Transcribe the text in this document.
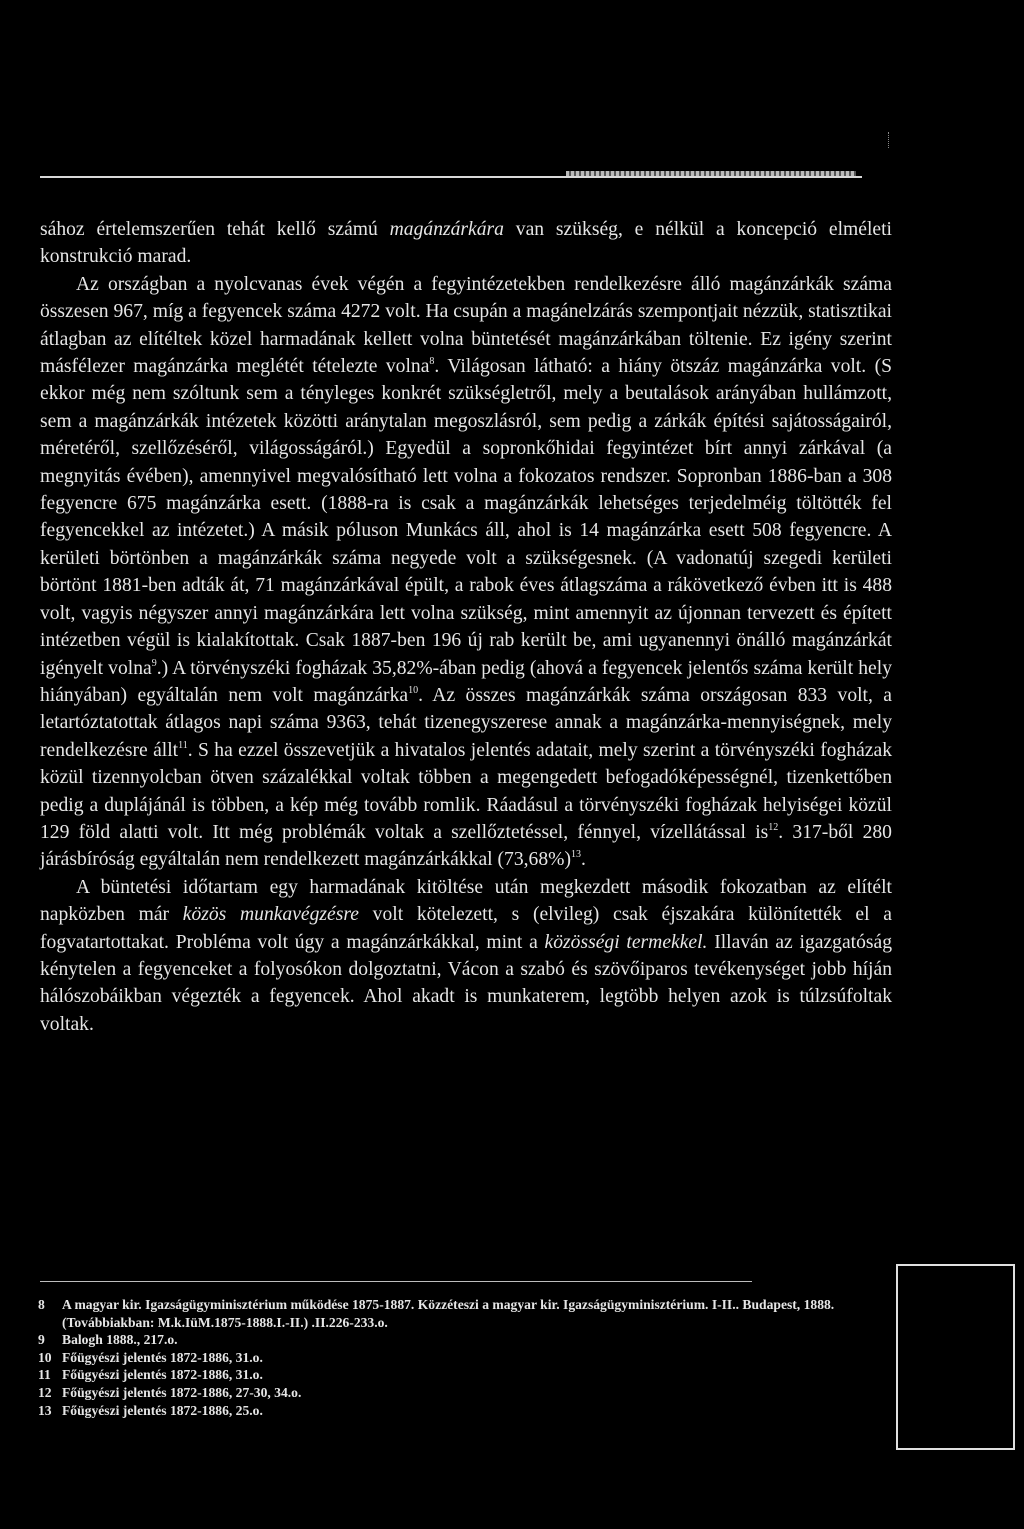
sához értelemszerűen tehát kellő számú magánzárkára van szükség, e nélkül a koncepció elméleti konstrukció marad.

Az országban a nyolcvanas évek végén a fegyintézetekben rendelkezésre álló magánzárkák száma összesen 967, míg a fegyencek száma 4272 volt. Ha csupán a magánelzárás szempontjait nézzük, statisztikai átlagban az elítéltek közel harmadának kellett volna büntetését magánzárkában töltenie. Ez igény szerint másfélezer magánzárka meglétét tételezte volna$^8$. Világosan látható: a hiány ötszáz magánzárka volt. (S ekkor még nem szóltunk sem a tényleges konkrét szükségletről, mely a beutalások arányában hullámzott, sem a magánzárkák intézetek közötti aránytalan megoszlásról, sem pedig a zárkák építési sajátosságairól, méretéről, szellőzéséről, világosságáról.) Egyedül a sopronkőhidai fegyintézet bírt annyi zárkával (a megnyitás évében), amennyivel megvalósítható lett volna a fokozatos rendszer. Sopronban 1886-ban a 308 fegyencre 675 magánzárka esett. (1888-ra is csak a magánzárkák lehetséges terjedelméig töltötték fel fegyencekkel az intézetet.) A másik póluson Munkács áll, ahol is 14 magánzárka esett 508 fegyencre. A kerületi börtönben a magánzárkák száma negyede volt a szükségesnek. (A vadonatúj szegedi kerületi börtönt 1881-ben adták át, 71 magánzárkával épült, a rabok éves átlagszáma a rákövetkező évben itt is 488 volt, vagyis négyszer annyi magánzárkára lett volna szükség, mint amennyit az újonnan tervezett és épített intézetben végül is kialakítottak. Csak 1887-ben 196 új rab került be, ami ugyanennyi önálló magánzárkát igényelt volna$^9$.) A törvényszéki fogházak 35,82%-ában pedig (ahová a fegyencek jelentős száma került hely hiányában) egyáltalán nem volt magánzárka$^{10}$. Az összes magánzárkák száma országosan 833 volt, a letartóztatottak átlagos napi száma 9363, tehát tizenegyszerese annak a magánzárka-mennyiségnek, mely rendelkezésre állt$^{11}$. S ha ezzel összevetjük a hivatalos jelentés adatait, mely szerint a törvényszéki fogházak közül tizennyolcban ötven százalékkal voltak többen a megengedett befogadóképességnél, tizenkettőben pedig a duplájánál is többen, a kép még tovább romlik. Ráadásul a törvényszéki fogházak helyiségei közül 129 föld alatti volt. Itt még problémák voltak a szellőztetéssel, fénnyel, vízellátással $is^{12}$. 317-ből 280 járásbíróság egyáltalán nem rendelkezett magánzárkákkal $(73,68\%)^{13}$.

A büntetési időtartam egy harmadának kitöltése után megkezdett második fokozatban az elítélt napközben már közös munkavégzésre volt kötelezett, s (elvileg) csak éjszakára különítették el a fogvatartottakat. Probléma volt úgy a magánzárkákkal, mint a közösségi termekkel. Illaván az igazgatóság kénytelen a fegyenceket a folyosókon dolgoztatni, Vácon a szabó és szövőiparos tevékenységet jobb híján hálószobáikban végezték a fegyencek. Ahol akadt is munkaterem, legtöbb helyen azok is túlzsúfoltak voltak.

8	A magyar kir. Igazságügyminisztérium működése 1875-1887. Közzéteszi a magyar kir. Igazságügyminisztérium. I-II.. Budapest, 1888. (Továbbiakban: M.k.IüM.1875-1888.I.-II.) .II.226-233.o.
9	Balogh 1888., 217.o.
10 Főügyészi jelentés 1872-1886, 31.o.
11 Főügyészi jelentés 1872-1886, 31.o.
12 Főügyészi jelentés 1872-1886, 27-30, 34.o.
13 Főügyészi jelentés 1872-1886, 25.o.
